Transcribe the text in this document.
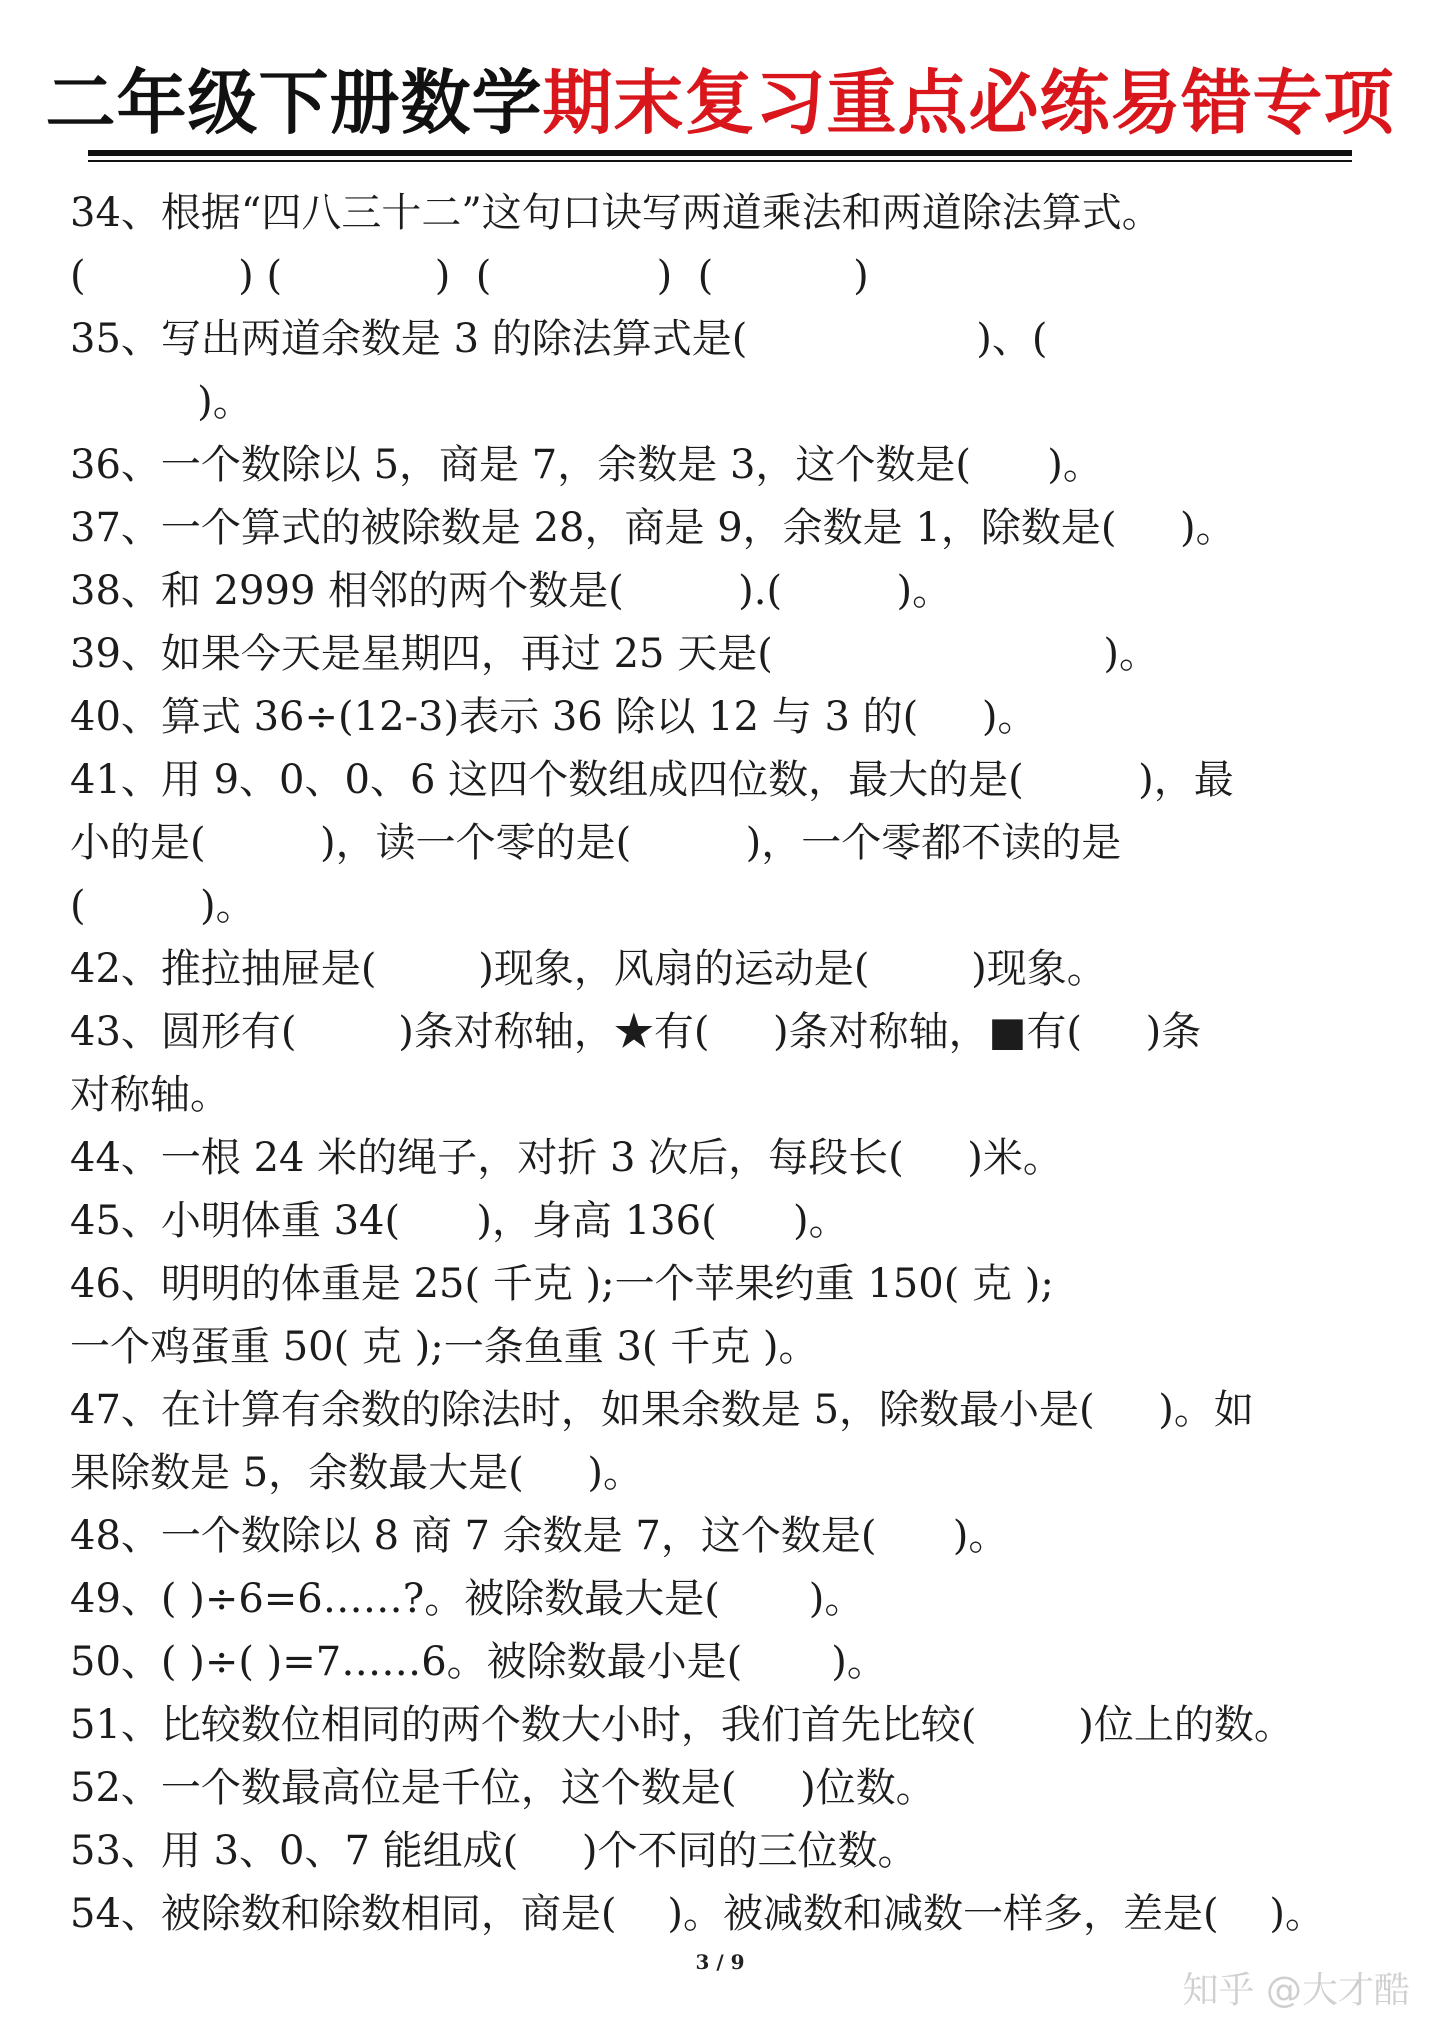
二年级下册数学期末复习重点必练易错专项
34、根据“四八三十二”这句口诀写两道乘法和两道除法算式。
(            ) (            )  (             )  (           )
35、写出两道余数是 3 的除法算式是(                  )、(
)。
36、一个数除以 5，商是 7，余数是 3，这个数是(      )。
37、一个算式的被除数是 28，商是 9，余数是 1，除数是(     )。
38、和 2999 相邻的两个数是(         ).(         )。
39、如果今天是星期四，再过 25 天是(                          )。
40、算式 36÷(12-3)表示 36 除以 12 与 3 的(     )。
41、用 9、0、0、6 这四个数组成四位数，最大的是(         )，最
小的是(         )，读一个零的是(         )，一个零都不读的是
(         )。
42、推拉抽屉是(        )现象，风扇的运动是(        )现象。
43、圆形有(        )条对称轴，★有(     )条对称轴，■有(     )条
对称轴。
44、一根 24 米的绳子，对折 3 次后，每段长(     )米。
45、小明体重 34(      )，身高 136(      )。
46、明明的体重是 25( 千克 );一个苹果约重 150( 克 );
一个鸡蛋重 50( 克 );一条鱼重 3( 千克 )。
47、在计算有余数的除法时，如果余数是 5，除数最小是(     )。如
果除数是 5，余数最大是(     )。
48、一个数除以 8 商 7 余数是 7，这个数是(      )。
49、( )÷6=6……?。被除数最大是(       )。
50、( )÷( )=7……6。被除数最小是(       )。
51、比较数位相同的两个数大小时，我们首先比较(        )位上的数。
52、一个数最高位是千位，这个数是(     )位数。
53、用 3、0、7 能组成(     )个不同的三位数。
54、被除数和除数相同，商是(    )。被减数和减数一样多，差是(    )。
3 / 9
知乎 @大才酷
